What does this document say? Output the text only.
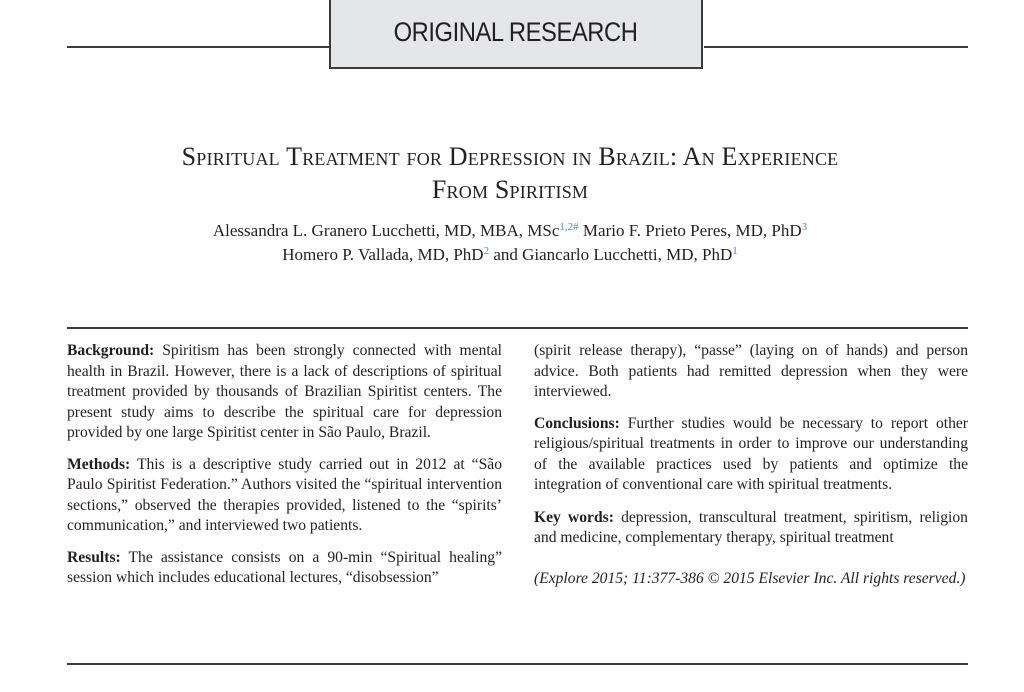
ORIGINAL RESEARCH
Spiritual Treatment for Depression in Brazil: An Experience
From Spiritism
Alessandra L. Granero Lucchetti, MD, MBA, MSc$^{1,2\#}$ Mario F. Prieto Peres, MD, PhD$^3$
Homero P. Vallada, MD, PhD$^2$ and Giancarlo Lucchetti, MD, PhD$^1$

Background: Spiritism has been strongly connected with mental health in Brazil. However, there is a lack of descriptions of spiritual treatment provided by thousands of Brazilian Spiritist centers. The present study aims to describe the spiritual care for depression provided by one large Spiritist center in São Paulo, Brazil.

Methods: This is a descriptive study carried out in 2012 at “São Paulo Spiritist Federation.” Authors visited the “spiritual intervention sections,” observed the therapies provided, listened to the “spirits’ communication,” and interviewed two patients.

Results: The assistance consists on a 90-min “Spiritual healing” session which includes educational lectures, “disobsession”

(spirit release therapy), “passe” (laying on of hands) and person advice. Both patients had remitted depression when they were interviewed.

Conclusions: Further studies would be necessary to report other religious/spiritual treatments in order to improve our understanding of the available practices used by patients and optimize the integration of conventional care with spiritual treatments.

Key words: depression, transcultural treatment, spiritism, religion and medicine, complementary therapy, spiritual treatment

(Explore 2015; 11:377-386 © 2015 Elsevier Inc. All rights reserved.)
